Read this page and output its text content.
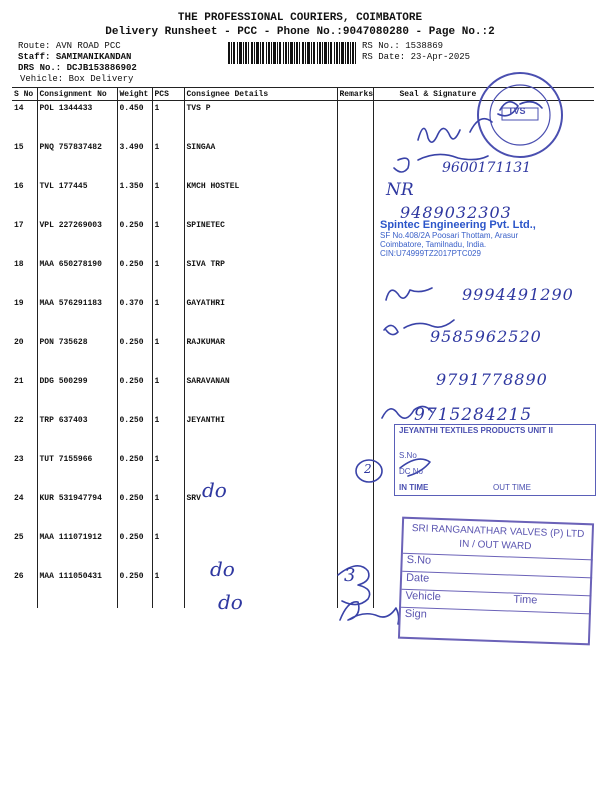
THE PROFESSIONAL COURIERS, COIMBATORE
Delivery Runsheet - PCC - Phone No.:9047080280 - Page No.:2
Route: AVN ROAD PCC
Staff: SAMIMANIKANDAN
DRS No.: DCJB153886902
Vehicle: Box Delivery
RS No.: 1538869
RS Date: 23-Apr-2025
S No	Consignment No	Weight	PCS	Consignee Details	Remarks	Seal & Signature
14	POL 1344433	0.450	1	TVS P		
15	PNQ 757837482	3.490	1	SINGAA		
16	TVL 177445	1.350	1	KMCH HOSTEL		
17	VPL 227269003	0.250	1	SPINETEC		
18	MAA 650278190	0.250	1	SIVA TRP		
19	MAA 576291183	0.370	1	GAYATHRI		
20	PON 735628	0.250	1	RAJKUMAR		
21	DDG 500299	0.250	1	SARAVANAN		
22	TRP 637403	0.250	1	JEYANTHI		
23	TUT 7155966	0.250	1			
24	KUR 531947794	0.250	1	SRV		
25	MAA 111071912	0.250	1			
26	MAA 111050431	0.250	1			
do
do
do
9600171131
NR
9489032303
9994491290
9585962520
9791778890
9715284215
2
3
TVS
Spintec Engineering Pvt. Ltd.,
SF No.408/2A Poosari Thottam, Arasur
Coimbatore, Tamilnadu, India.
CIN:U74999TZ2017PTC029
JEYANTHI TEXTILES PRODUCTS UNIT II
S.No
DC No
IN TIME	OUT TIME
SRI RANGANATHAR VALVES (P) LTD
IN / OUT WARD
S.No
Date
Vehicle	Time
Sign
